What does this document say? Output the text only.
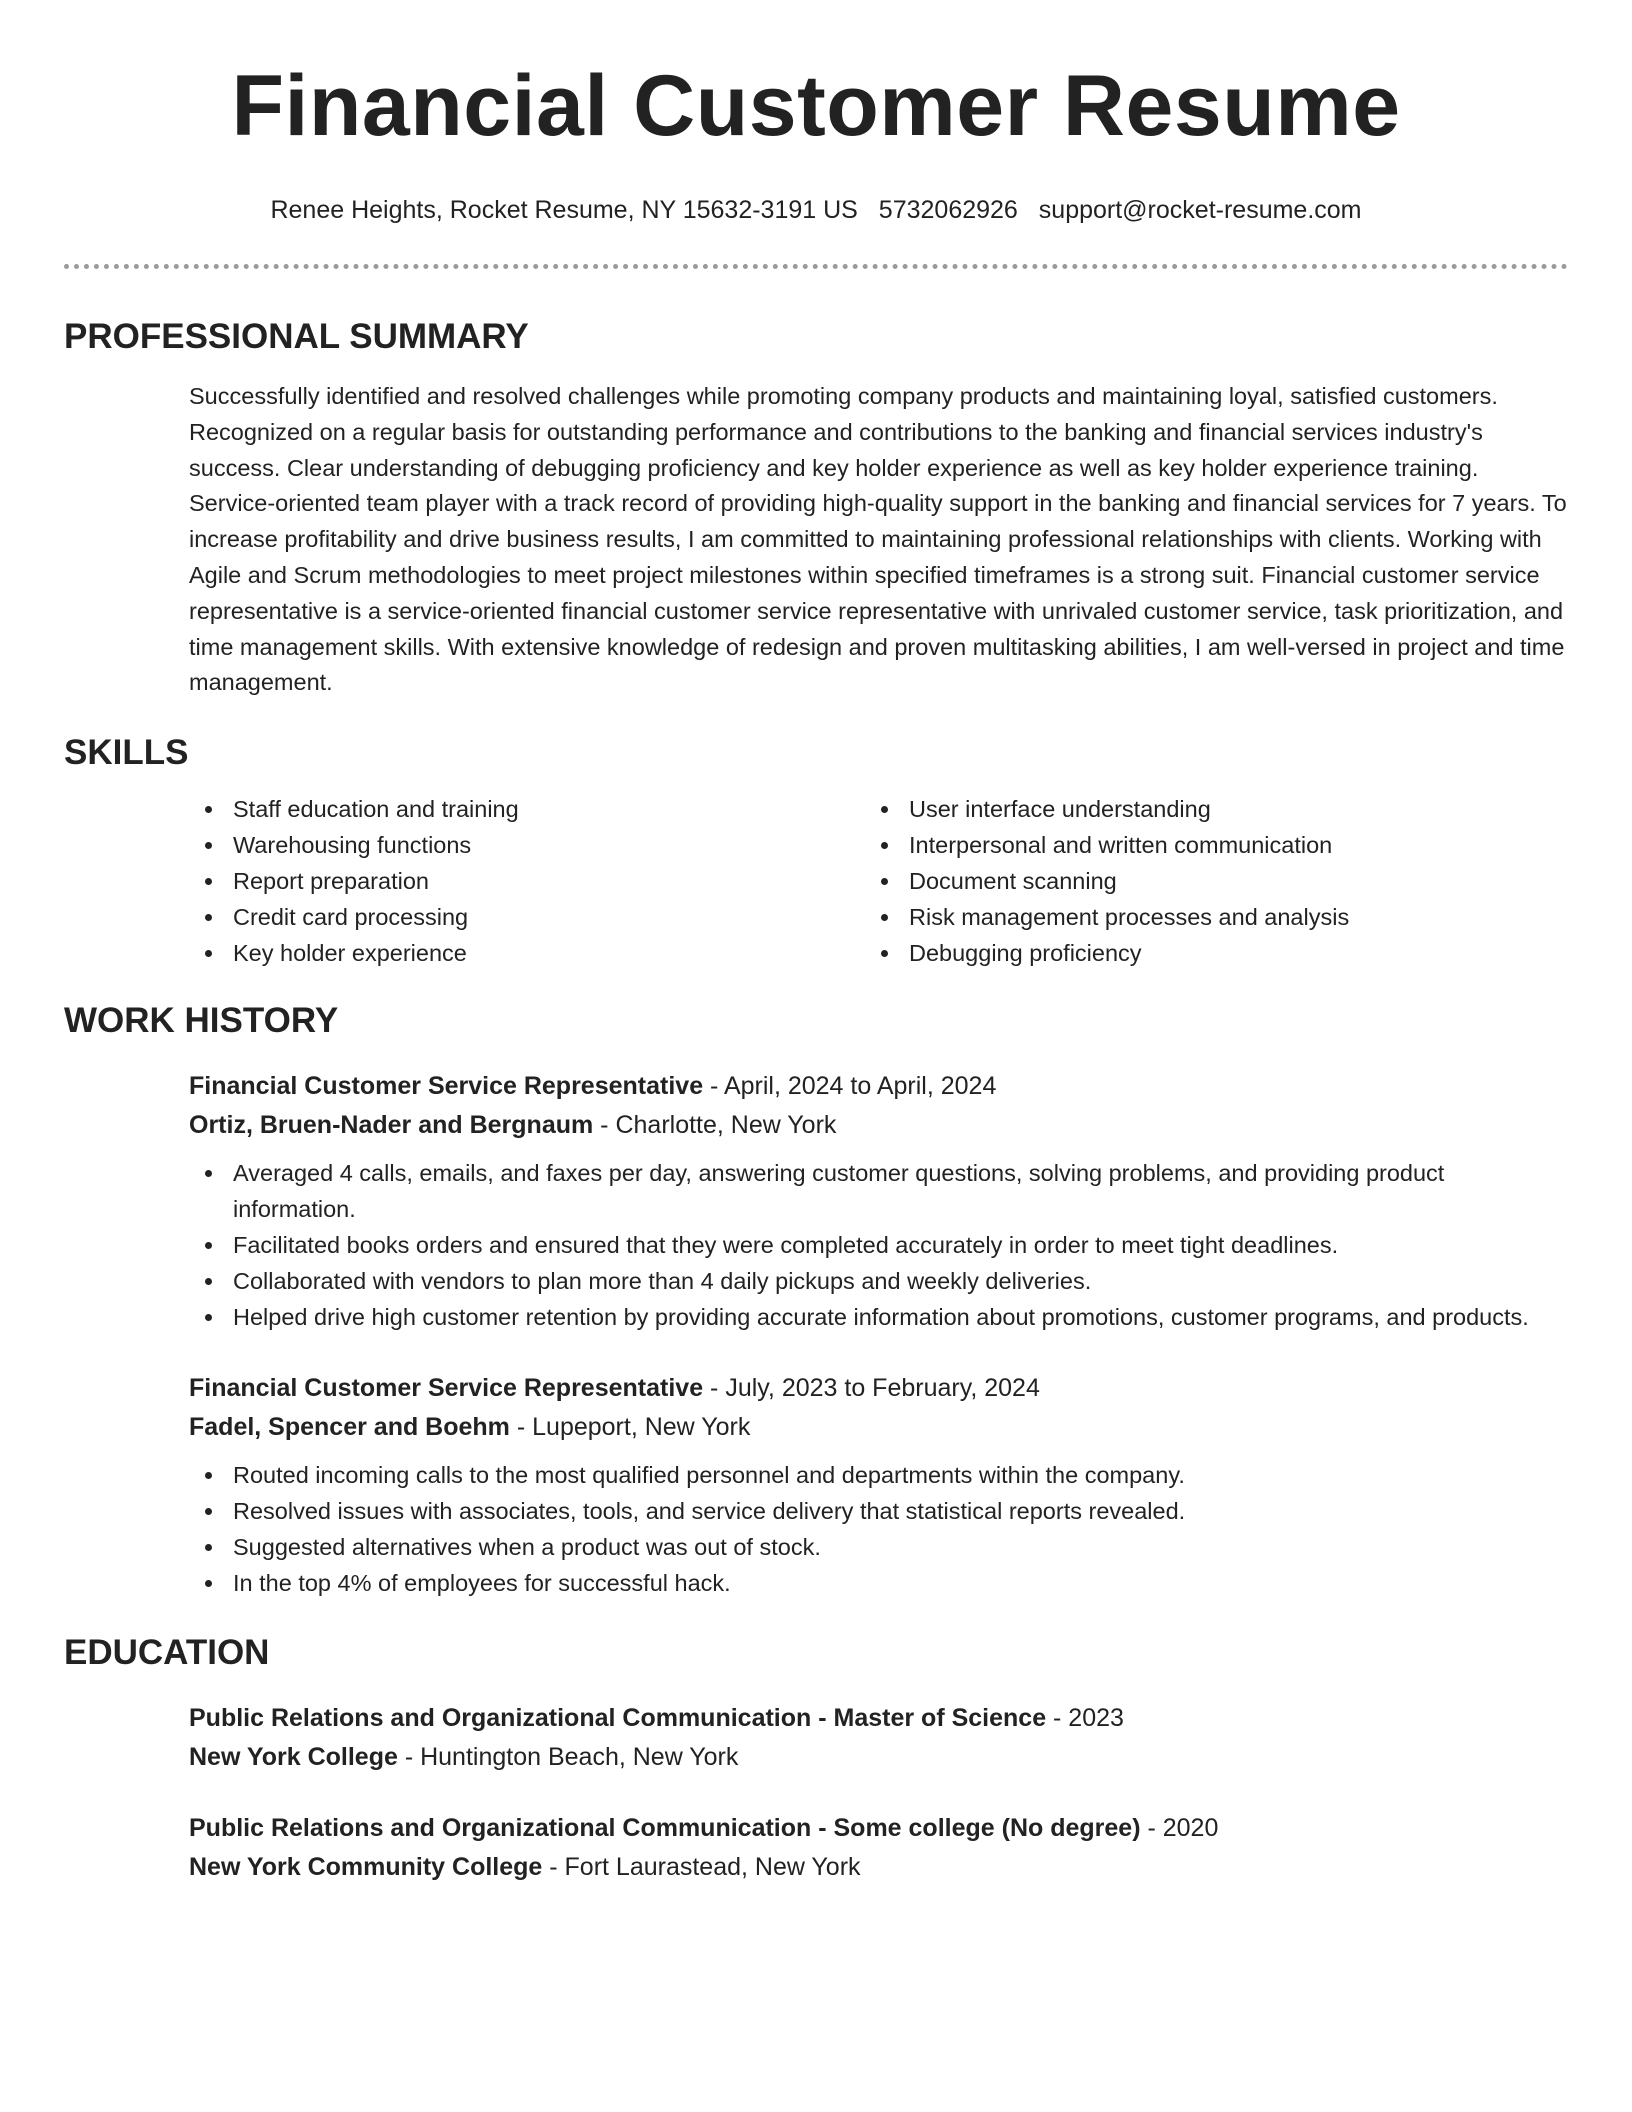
Financial Customer Resume
Renee Heights, Rocket Resume, NY 15632-3191 US 5732062926 support@rocket-resume.com
PROFESSIONAL SUMMARY

Successfully identified and resolved challenges while promoting company products and maintaining loyal, satisfied customers. Recognized on a regular basis for outstanding performance and contributions to the banking and financial services industry's success. Clear understanding of debugging proficiency and key holder experience as well as key holder experience training. Service-oriented team player with a track record of providing high-quality support in the banking and financial services for 7 years. To increase profitability and drive business results, I am committed to maintaining professional relationships with clients. Working with Agile and Scrum methodologies to meet project milestones within specified timeframes is a strong suit. Financial customer service representative is a service-oriented financial customer service representative with unrivaled customer service, task prioritization, and time management skills. With extensive knowledge of redesign and proven multitasking abilities, I am well-versed in project and time management.

SKILLS
Staff education and training
Warehousing functions
Report preparation
Credit card processing
Key holder experience
User interface understanding
Interpersonal and written communication
Document scanning
Risk management processes and analysis
Debugging proficiency
WORK HISTORY
Financial Customer Service Representative - April, 2024 to April, 2024
Ortiz, Bruen-Nader and Bergnaum - Charlotte, New York
Averaged 4 calls, emails, and faxes per day, answering customer questions, solving problems, and providing product information.
Facilitated books orders and ensured that they were completed accurately in order to meet tight deadlines.
Collaborated with vendors to plan more than 4 daily pickups and weekly deliveries.
Helped drive high customer retention by providing accurate information about promotions, customer programs, and products.
Financial Customer Service Representative - July, 2023 to February, 2024
Fadel, Spencer and Boehm - Lupeport, New York
Routed incoming calls to the most qualified personnel and departments within the company.
Resolved issues with associates, tools, and service delivery that statistical reports revealed.
Suggested alternatives when a product was out of stock.
In the top 4% of employees for successful hack.
EDUCATION
Public Relations and Organizational Communication - Master of Science - 2023
New York College - Huntington Beach, New York
Public Relations and Organizational Communication - Some college (No degree) - 2020
New York Community College - Fort Laurastead, New York
